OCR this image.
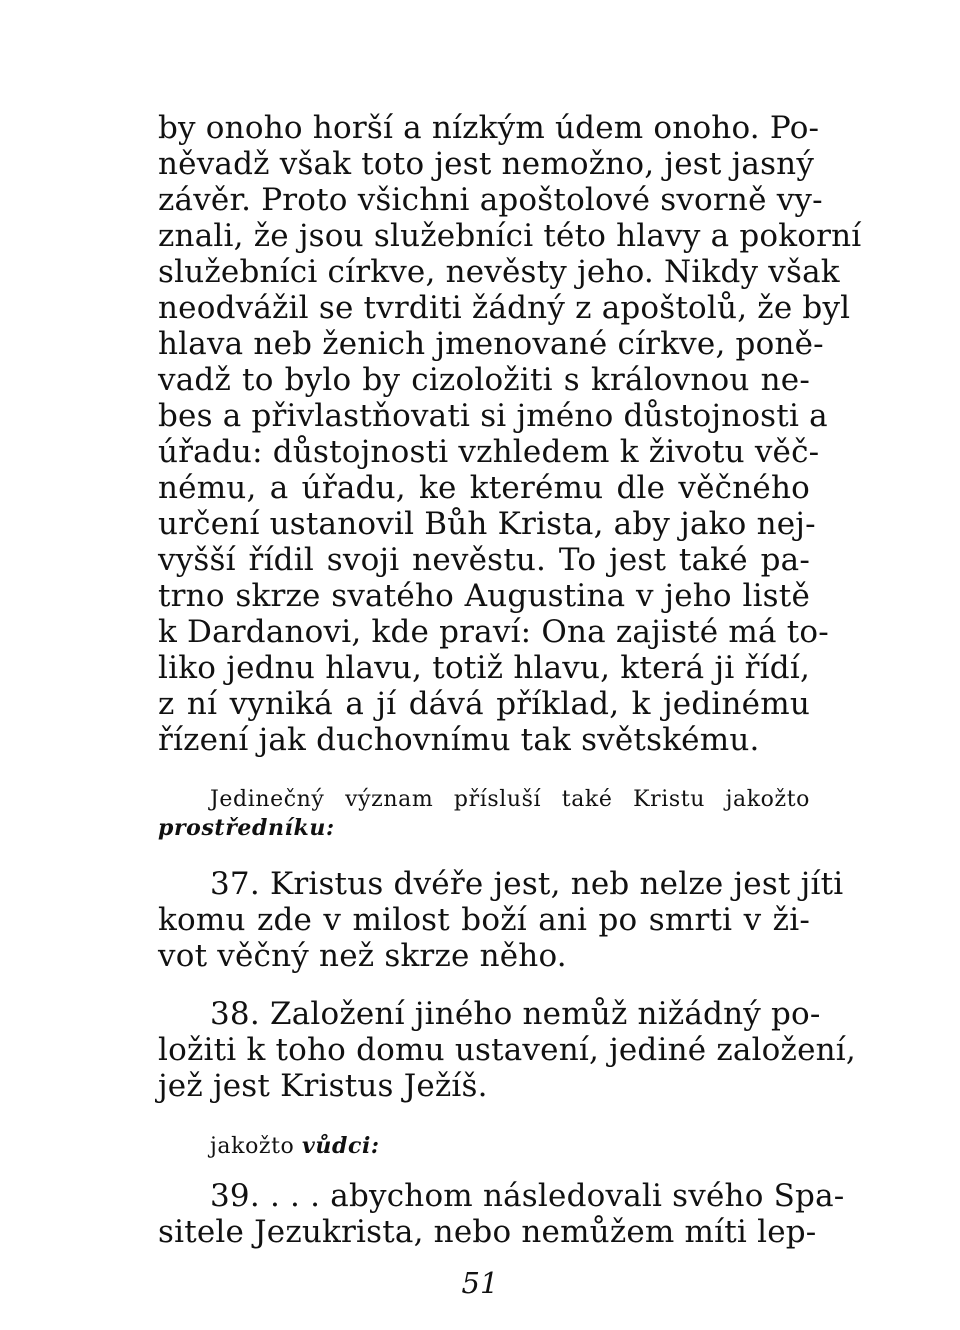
by onoho horší a nízkým údem onoho. Po-
něvadž však toto jest nemožno, jest jasný
závěr. Proto všichni apoštolové svorně vy-
znali, že jsou služebníci této hlavy a pokorní
služebníci církve, nevěsty jeho. Nikdy však
neodvážil se tvrditi žádný z apoštolů, že byl
hlava neb ženich jmenované církve, poně-
vadž to bylo by cizoložiti s královnou ne-
bes a přivlastňovati si jméno důstojnosti a
úřadu: důstojnosti vzhledem k životu věč-
nému, a úřadu, ke kterému dle věčného
určení ustanovil Bůh Krista, aby jako nej-
vyšší řídil svoji nevěstu. To jest také pa-
trno skrze svatého Augustina v jeho listě
k Dardanovi, kde praví: Ona zajisté má to-
liko jednu hlavu, totiž hlavu, která ji řídí,
z ní vyniká a jí dává příklad, k jedinému
řízení jak duchovnímu tak světskému.
Jedinečný význam přísluší také Kristu jakožto
prostředníku:
37. Kristus dvéře jest, neb nelze jest jíti
komu zde v milost boží ani po smrti v ži-
vot věčný než skrze něho.
38. Založení jiného nemůž nižádný po-
ložiti k toho domu ustavení, jediné založení,
jež jest Kristus Ježíš.
jakožto vůdci:
39. . . . abychom následovali svého Spa-
sitele Jezukrista, nebo nemůžem míti lep-
51
